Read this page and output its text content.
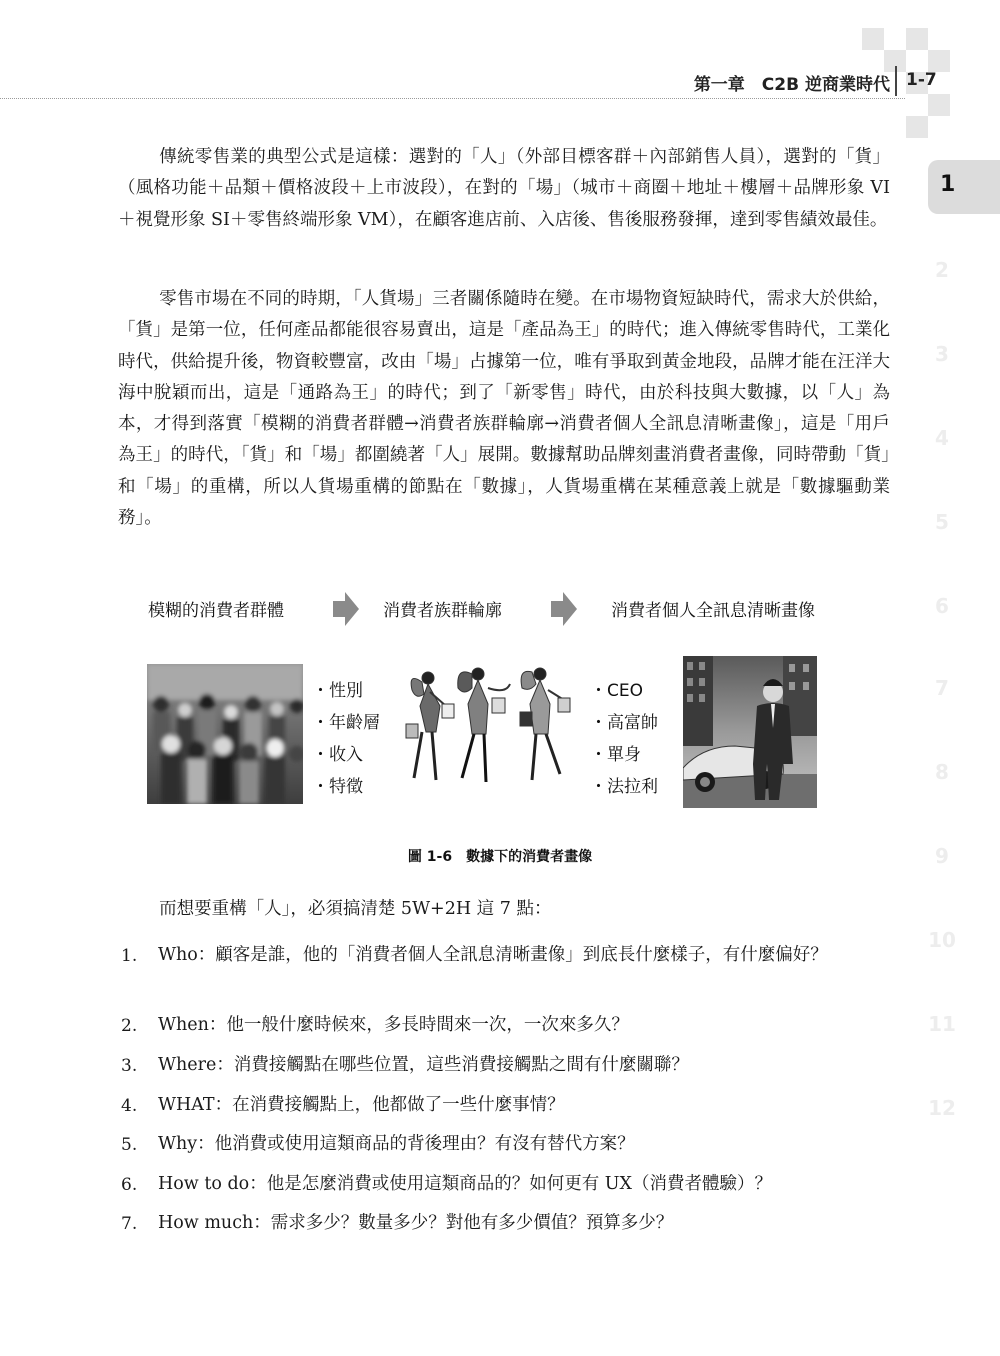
第一章　C2B 逆商業時代 1-7
1
2
3
4
5
6
7
8
9
10
11
12

傳統零售業的典型公式是這樣：選對的「人」（外部目標客群＋內部銷售人員），選對的「貨」（風格功能＋品類＋價格波段＋上市波段），在對的「場」（城市＋商圈＋地址＋樓層＋品牌形象 VI＋視覺形象 SI＋零售終端形象 VM），在顧客進店前、入店後、售後服務發揮，達到零售績效最佳。

零售市場在不同的時期，「人貨場」三者關係隨時在變。在市場物資短缺時代，需求大於供給，「貨」是第一位，任何產品都能很容易賣出，這是「產品為王」的時代；進入傳統零售時代，工業化時代，供給提升後，物資較豐富，改由「場」占據第一位，唯有爭取到黃金地段，品牌才能在汪洋大海中脫穎而出，這是「通路為王」的時代；到了「新零售」時代，由於科技與大數據，以「人」為本，才得到落實「模糊的消費者群體→消費者族群輪廓→消費者個人全訊息清晰畫像」，這是「用戶為王」的時代，「貨」和「場」都圍繞著「人」展開。數據幫助品牌刻畫消費者畫像，同時帶動「貨」和「場」的重構，所以人貨場重構的節點在「數據」，人貨場重構在某種意義上就是「數據驅動業務」。

模糊的消費者群體	消費者族群輪廓	消費者個人全訊息清晰畫像
・性別
・年齡層
・收入
・特徵
・CEO
・高富帥
・單身
・法拉利
圖 1-6　數據下的消費者畫像

而想要重構「人」，必須搞清楚 5W+2H 這 7 點：

1. Who：顧客是誰，他的「消費者個人全訊息清晰畫像」到底長什麼樣子，有什麼偏好？

2. When：他一般什麼時候來，多長時間來一次，一次來多久？

3. Where：消費接觸點在哪些位置，這些消費接觸點之間有什麼關聯？

4. WHAT：在消費接觸點上，他都做了一些什麼事情？

5. Why：他消費或使用這類商品的背後理由？有沒有替代方案？

6. How to do：他是怎麼消費或使用這類商品的？如何更有 UX（消費者體驗）？

7. How much：需求多少？數量多少？對他有多少價值？預算多少？
